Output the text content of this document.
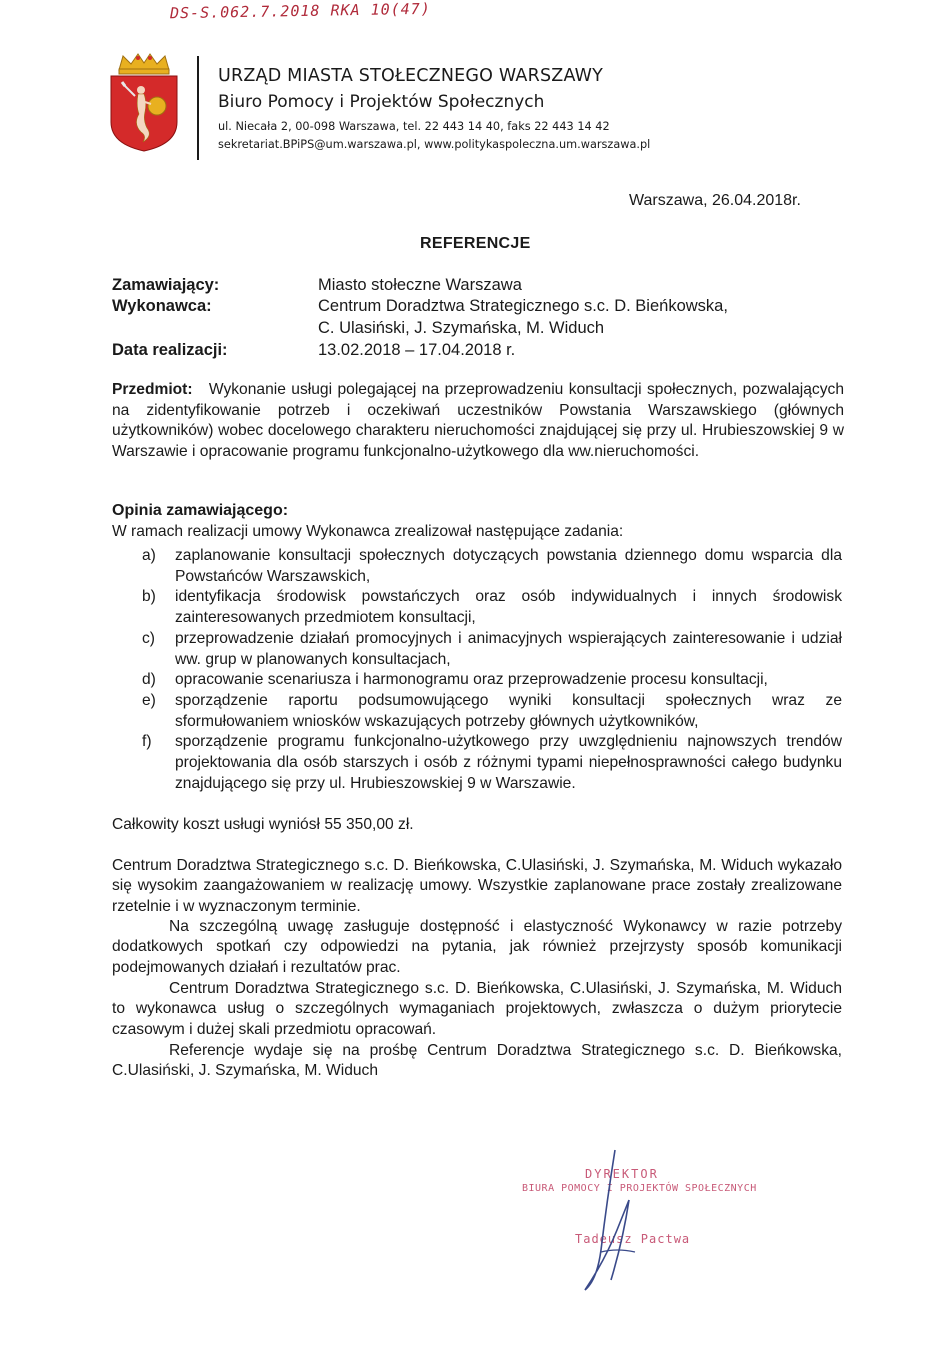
DS-S.062.7.2018 RKA 10(47)
URZĄD MIASTA STOŁECZNEGO WARSZAWY
Biuro Pomocy i Projektów Społecznych
ul. Niecała 2, 00-098 Warszawa, tel. 22 443 14 40, faks 22 443 14 42
sekretariat.BPiPS@um.warszawa.pl, www.politykaspoleczna.um.warszawa.pl
Warszawa, 26.04.2018r.
REFERENCJE
Zamawiający:	Miasto stołeczne Warszawa
Wykonawca:	Centrum Doradztwa Strategicznego s.c. D. Bieńkowska,
C. Ulasiński, J. Szymańska, M. Widuch
Data realizacji:	13.02.2018 – 17.04.2018 r.
Przedmiot: Wykonanie usługi polegającej na przeprowadzeniu konsultacji społecznych, pozwalających na zidentyfikowanie potrzeb i oczekiwań uczestników Powstania Warszawskiego (głównych użytkowników) wobec docelowego charakteru nieruchomości znajdującej się przy ul. Hrubieszowskiej 9 w Warszawie i opracowanie programu funkcjonalno-użytkowego dla ww.nieruchomości.
Opinia zamawiającego:
W ramach realizacji umowy Wykonawca zrealizował następujące zadania:
a) zaplanowanie konsultacji społecznych dotyczących powstania dziennego domu wsparcia dla Powstańców Warszawskich,
b) identyfikacja środowisk powstańczych oraz osób indywidualnych i innych środowisk zainteresowanych przedmiotem konsultacji,
c) przeprowadzenie działań promocyjnych i animacyjnych wspierających zainteresowanie i udział ww. grup w planowanych konsultacjach,
d) opracowanie scenariusza i harmonogramu oraz przeprowadzenie procesu konsultacji,
e) sporządzenie raportu podsumowującego wyniki konsultacji społecznych wraz ze sformułowaniem wniosków wskazujących potrzeby głównych użytkowników,
f) sporządzenie programu funkcjonalno-użytkowego przy uwzględnieniu najnowszych trendów projektowania dla osób starszych i osób z różnymi typami niepełnosprawności całego budynku znajdującego się przy ul. Hrubieszowskiej 9 w Warszawie.
Całkowity koszt usługi wyniósł 55 350,00 zł.
Centrum Doradztwa Strategicznego s.c. D. Bieńkowska, C.Ulasiński, J. Szymańska, M. Widuch wykazało się wysokim zaangażowaniem w realizację umowy. Wszystkie zaplanowane prace zostały zrealizowane rzetelnie i w wyznaczonym terminie.
Na szczególną uwagę zasługuje dostępność i elastyczność Wykonawcy w razie potrzeby dodatkowych spotkań czy odpowiedzi na pytania, jak również przejrzysty sposób komunikacji podejmowanych działań i rezultatów prac.
Centrum Doradztwa Strategicznego s.c. D. Bieńkowska, C.Ulasiński, J. Szymańska, M. Widuch to wykonawca usług o szczególnych wymaganiach projektowych, zwłaszcza o dużym priorytecie czasowym i dużej skali przedmiotu opracowań.
Referencje wydaje się na prośbę Centrum Doradztwa Strategicznego s.c. D. Bieńkowska, C.Ulasiński, J. Szymańska, M. Widuch
DYREKTOR
BIURA POMOCY I PROJEKTÓW SPOŁECZNYCH
Tadeusz Pactwa
